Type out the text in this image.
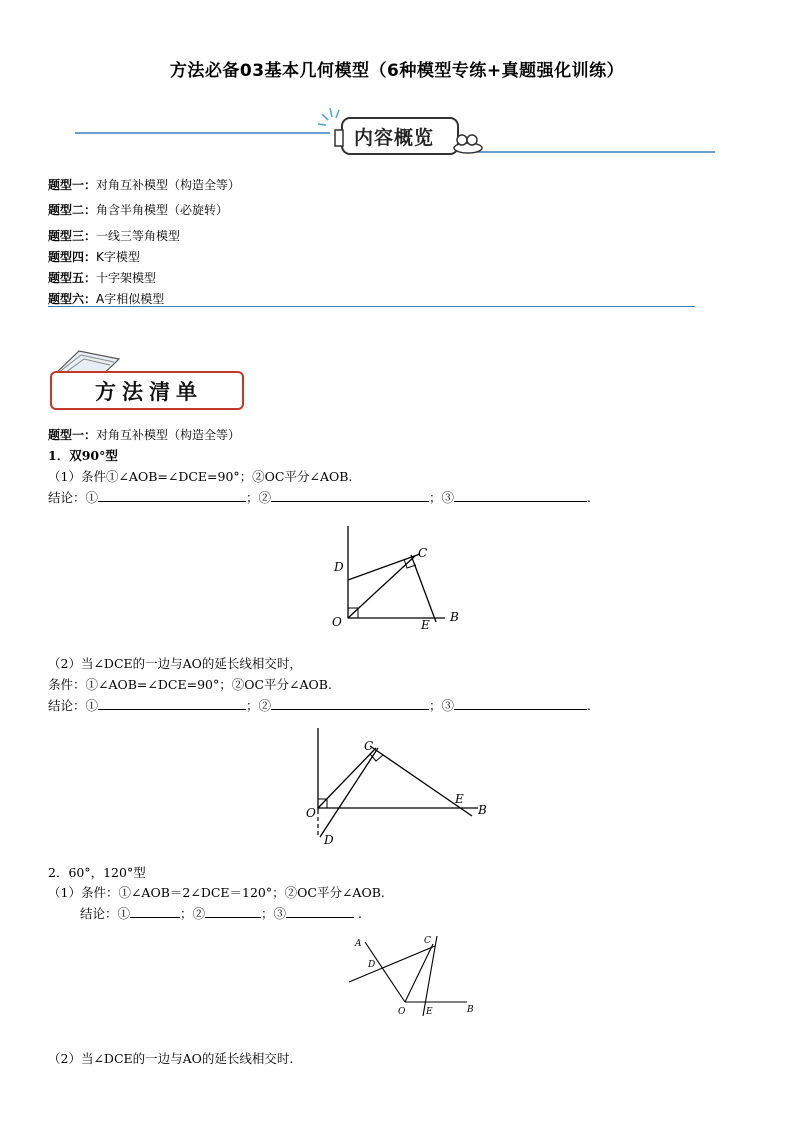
方法必备03基本几何模型（6种模型专练+真题强化训练）
内容概览
题型一：对角互补模型（构造全等）
题型二：角含半角模型（必旋转）
题型三：一线三等角模型
题型四：K字模型
题型五：十字架模型
题型六：A字相似模型
方法清单
题型一：对角互补模型（构造全等）
1．双90°型
（1）条件①∠AOB=∠DCE=90°；②OC平分∠AOB.
结论：①	；②	；③	.
D
C
O	E
B
（2）当∠DCE的一边与AO的延长线相交时，
条件：①∠AOB=∠DCE=90°；②OC平分∠AOB.
结论：①	；②	；③	.
C
O
D
E
B
2．60°，120°型
（1）条件：①∠AOB＝2∠DCE＝120°；②OC平分∠AOB.
结论：①	；②	；③	.
A	C
D
O E	B
（2）当∠DCE的一边与AO的延长线相交时.
